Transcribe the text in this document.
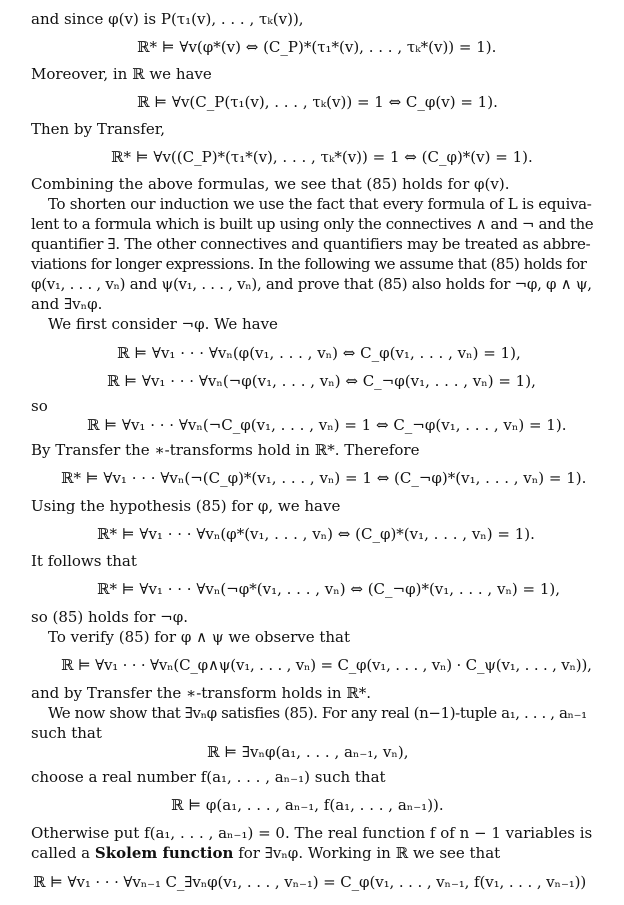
and since φ(v) is P(τ₁(v), . . . , τₖ(v)),
ℝ* ⊨ ∀v(φ*(v) ⇔ (C_P)*(τ₁*(v), . . . , τₖ*(v)) = 1).
Moreover, in ℝ we have
ℝ ⊨ ∀v(C_P(τ₁(v), . . . , τₖ(v)) = 1 ⇔ C_φ(v) = 1).
Then by Transfer,
ℝ* ⊨ ∀v((C_P)*(τ₁*(v), . . . , τₖ*(v)) = 1 ⇔ (C_φ)*(v) = 1).
Combining the above formulas, we see that (85) holds for φ(v).
To shorten our induction we use the fact that every formula of L is equiva-
lent to a formula which is built up using only the connectives ∧ and ¬ and the
quantifier ∃. The other connectives and quantifiers may be treated as abbre-
viations for longer expressions. In the following we assume that (85) holds for
φ(v₁, . . . , vₙ) and ψ(v₁, . . . , vₙ), and prove that (85) also holds for ¬φ, φ ∧ ψ,
and ∃vₙφ.
We first consider ¬φ. We have
ℝ ⊨ ∀v₁ · · · ∀vₙ(φ(v₁, . . . , vₙ) ⇔ C_φ(v₁, . . . , vₙ) = 1),
ℝ ⊨ ∀v₁ · · · ∀vₙ(¬φ(v₁, . . . , vₙ) ⇔ C_¬φ(v₁, . . . , vₙ) = 1),
so
ℝ ⊨ ∀v₁ · · · ∀vₙ(¬C_φ(v₁, . . . , vₙ) = 1 ⇔ C_¬φ(v₁, . . . , vₙ) = 1).
By Transfer the ∗-transforms hold in ℝ*. Therefore
ℝ* ⊨ ∀v₁ · · · ∀vₙ(¬(C_φ)*(v₁, . . . , vₙ) = 1 ⇔ (C_¬φ)*(v₁, . . . , vₙ) = 1).
Using the hypothesis (85) for φ, we have
ℝ* ⊨ ∀v₁ · · · ∀vₙ(φ*(v₁, . . . , vₙ) ⇔ (C_φ)*(v₁, . . . , vₙ) = 1).
It follows that
ℝ* ⊨ ∀v₁ · · · ∀vₙ(¬φ*(v₁, . . . , vₙ) ⇔ (C_¬φ)*(v₁, . . . , vₙ) = 1),
so (85) holds for ¬φ.
To verify (85) for φ ∧ ψ we observe that
ℝ ⊨ ∀v₁ · · · ∀vₙ(C_φ∧ψ(v₁, . . . , vₙ) = C_φ(v₁, . . . , vₙ) · C_ψ(v₁, . . . , vₙ)),
and by Transfer the ∗-transform holds in ℝ*.
We now show that ∃vₙφ satisfies (85). For any real (n−1)-tuple a₁, . . . , aₙ₋₁
such that
ℝ ⊨ ∃vₙφ(a₁, . . . , aₙ₋₁, vₙ),
choose a real number f(a₁, . . . , aₙ₋₁) such that
ℝ ⊨ φ(a₁, . . . , aₙ₋₁, f(a₁, . . . , aₙ₋₁)).
Otherwise put f(a₁, . . . , aₙ₋₁) = 0. The real function f of n − 1 variables is
called a Skolem function for ∃vₙφ. Working in ℝ we see that
ℝ ⊨ ∀v₁ · · · ∀vₙ₋₁ C_∃vₙφ(v₁, . . . , vₙ₋₁) = C_φ(v₁, . . . , vₙ₋₁, f(v₁, . . . , vₙ₋₁))
